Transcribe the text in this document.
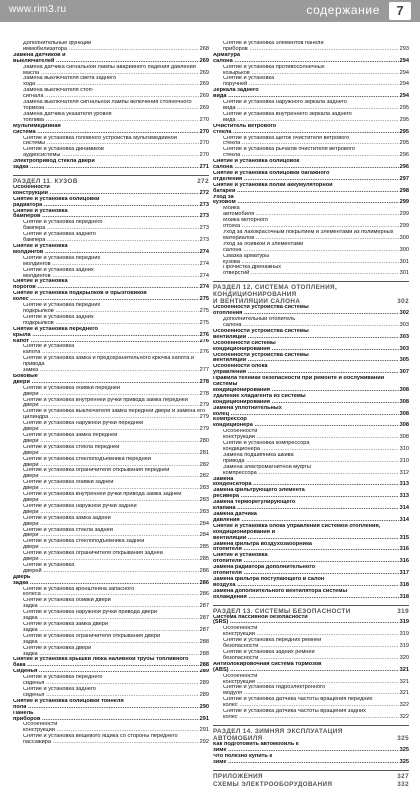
www.rim3.ru	содержание	7
Дополнительные функции иммобилизатора .....	268
Замена датчиков и выключателей .....	269
Замена датчика сигнальной лампы аварийного падения давления масла .....	269
Замена выключателя света заднего хода .....	269
Замена выключателя стоп-сигнала .....	269
Замена выключателя сигнальной лампы включения стояночного тормоза .....	269
Замена датчика указателя уровня топлива .....	270
Мультимедийная система .....	270
Снятие и установка головного устройства мультимедийной системы .....	270
Снятие и установка динамиков аудиосистемы .....	270
Электропривод стекла двери задка .....	271
РАЗДЕЛ 11. КУЗОВ	272
Особенности конструкции .....	272
Снятие и установка облицовки радиатора .....	273
Снятие и установка бамперов .....	273
Снятие и установка переднего бампера .....	273
Снятие и установка заднего бампера .....	273
Снятие и установка молдингов .....	274
Снятие и установка передних молдингов .....	274
Снятие и установка задних молдингов .....	274
Снятие и установка порогов .....	274
Снятие и установка подкрылков и брызговиков колес .....	275
Снятие и установка передних подкрылков .....	275
Снятие и установка задних подкрылков .....	275
Снятие и установка переднего крыла .....	276
Капот .....	276
Снятие и установка капота .....	276
Снятие и установка замка и предохранительного крючка капота и привода замка .....	277
Боковые двери .....	278
Снятие и установка обивки передней двери .....	278
Снятие и установка внутренней ручки привода замка передней двери .....	279
Снятие и установка выключателя замка передней двери и замена его цилиндра .....	279
Снятие и установка наружной ручки передней двери .....	279
Снятие и установка замка передней двери .....	280
Снятие и установка стекла передней двери .....	281
Снятие и установка стеклоподъемника передней двери .....	282
Снятие и установка ограничителя открывания передней двери .....	282
Снятие и установка обивки задней двери .....	283
Снятие и установка внутренней ручки привода замка задней двери .....	283
Снятие и установка наружной ручки задней двери .....	283
Снятие и установка замка задней двери .....	284
Снятие и установка стекла задней двери .....	284
Снятие и установка стеклоподъемника задней двери .....	285
Снятие и установка ограничителя открывания задней двери .....	285
Снятие и установка дверей .....	286
Дверь задка .....	286
Снятие и установка кронштейна запасного колеса .....	286
Снятие и установка обивки двери задка .....	287
Снятие и установка наружной ручки привода двери задка .....	287
Снятие и установка замка двери задка .....	287
Снятие и установка ограничителя открывания двери задка .....	288
Снятие и установка двери задка .....	288
Снятие и установка крышки люка наливной трубы топливного бака .....	288
Сиденья .....	289
Снятие и установка переднего сиденья .....	289
Снятие и установка заднего сиденья .....	289
Снятие и установка облицовки тоннеля пола .....	290
Панель приборов .....	291
Особенности конструкции .....	291
Снятие и установка вещевого ящика со стороны переднего пассажира .....	292
Снятие и установка элементов панели приборов .....	293
Арматура салона .....	294
Снятие и установка противосолнечных козырьков .....	294
Снятие и установка поручней .....	294
Зеркала заднего вида .....	294
Снятие и установка наружного зеркала заднего вида .....	295
Снятие и установка внутреннего зеркала заднего вида .....	295
Очиститель ветрового стекла .....	295
Снятие и установка щеток очистителя ветрового стекла .....	295
Снятие и установка рычагов очистителя ветрового стекла .....	296
Снятие и установка облицовок салона .....	296
Снятие и установка облицовки багажного отделения .....	297
Снятие и установка полки аккумуляторной батареи .....	298
Уход за кузовом .....	299
Мойка автомобиля .....	299
Мойка моторного отсека .....	299
Уход за лакокрасочным покрытием и элементами из полимерных материалов .....	300
Уход за обивкой и элементами салона .....	300
Смазка арматуры кузова .....	301
Прочистка дренажных отверстий .....	301
РАЗДЕЛ 12. СИСТЕМА ОТОПЛЕНИЯ,
КОНДИЦИОНИРОВАНИЯ
И ВЕНТИЛЯЦИИ САЛОНА	302
Особенности устройства системы отопления .....	302
Дополнительный отопитель салона .....	303
Особенности устройства системы вентиляции .....	303
Особенности системы кондиционирования .....	303
Особенности устройства системы вентиляции .....	305
Особенности блока управления .....	307
Правила техники безопасности при ремонте и обслуживании системы кондиционирования .....	308
Удаление хладагента из системы кондиционирования .....	308
Замена уплотнительных колец .....	308
Компрессор кондиционера .....	308
Особенности конструкции .....	308
Снятие и установка компрессора кондиционера .....	310
Замена подшипника шкива привода .....	310
Замена электромагнитной муфты компрессора .....	312
Замена конденсатора .....	313
Замена фильтрующего элемента ресивера .....	313
Замена терморегулирующего клапана .....	314
Замена датчика давления .....	314
Снятие и установка блока управления системой отопления, кондиционирования и вентиляции .....	315
Замена фильтра воздухозаборника отопителя .....	316
Снятие и установка отопителя .....	316
Замена радиатора дополнительного отопителя .....	317
Замена фильтра поступающего в салон воздуха .....	318
Замена дополнительного вентилятора системы охлаждения .....	318
РАЗДЕЛ 13. СИСТЕМЫ БЕЗОПАСНОСТИ	319
Система пассивной безопасности (SRS) .....	319
Особенности конструкции .....	319
Снятие и установка передних ремней безопасности .....	319
Снятие и установка задних ремней безопасности .....	320
Антиблокировочная система тормозов (ABS) .....	321
Особенности конструкции .....	321
Снятие и установка гидроэлектронного модуля .....	321
Снятие и установка датчика частоты вращения передних колес .....	322
Снятие и установка датчика частоты вращения задних колес .....	322
РАЗДЕЛ 14. ЗИМНЯЯ ЭКСПЛУАТАЦИЯ
АВТОМОБИЛЯ	325
Как подготовить автомобиль к зиме .....	325
Что полезно купить к зиме .....	325
ПРИЛОЖЕНИЯ	327
СХЕМЫ ЭЛЕКТРООБОРУДОВАНИЯ	332
